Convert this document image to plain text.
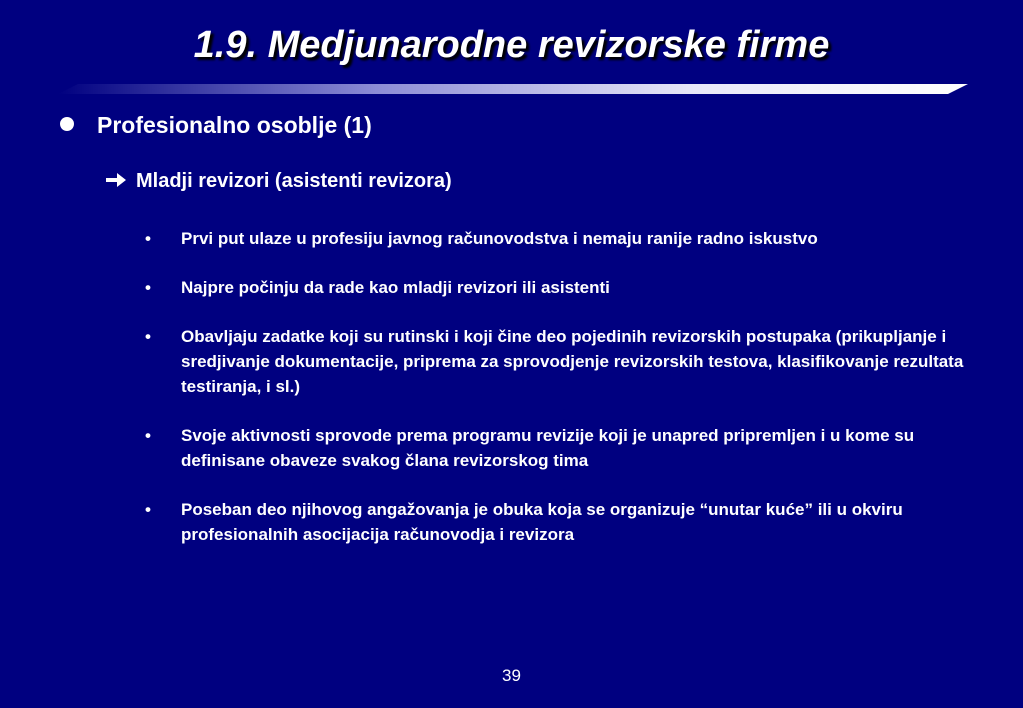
1.9. Medjunarodne revizorske firme
Profesionalno osoblje (1)
Mladji revizori (asistenti revizora)
• Prvi put ulaze u profesiju javnog računovodstva i nemaju ranije radno iskustvo
• Najpre počinju da rade kao mladji revizori ili asistenti
• Obavljaju zadatke koji su rutinski i koji čine deo pojedinih revizorskih postupaka (prikupljanje i sredjivanje dokumentacije, priprema za sprovodjenje revizorskih testova, klasifikovanje rezultata testiranja, i sl.)
• Svoje aktivnosti sprovode prema programu revizije koji je unapred pripremljen i u kome su definisane obaveze svakog člana revizorskog tima
• Poseban deo njihovog angažovanja je obuka koja se organizuje “unutar kuće” ili u okviru profesionalnih asocijacija računovodja i revizora
39
